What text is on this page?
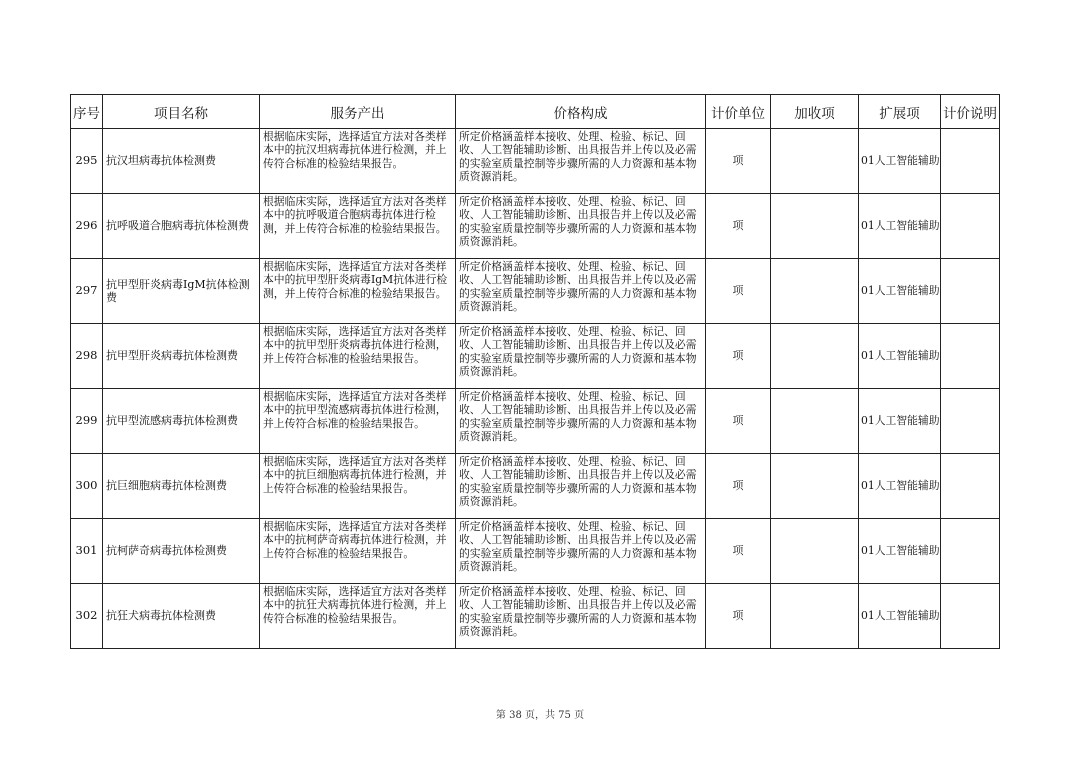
序号	项目名称	服务产出	价格构成	计价单位	加收项	扩展项	计价说明

295	抗汉坦病毒抗体检测费	根据临床实际，选择适宜方法对各类样本中的抗汉坦病毒抗体进行检测，并上传符合标准的检验结果报告。	所定价格涵盖样本接收、处理、检验、标记、回收、人工智能辅助诊断、出具报告并上传以及必需的实验室质量控制等步骤所需的人力资源和基本物质资源消耗。	项		01人工智能辅助	

296	抗呼吸道合胞病毒抗体检测费	根据临床实际，选择适宜方法对各类样本中的抗呼吸道合胞病毒抗体进行检测，并上传符合标准的检验结果报告。	所定价格涵盖样本接收、处理、检验、标记、回收、人工智能辅助诊断、出具报告并上传以及必需的实验室质量控制等步骤所需的人力资源和基本物质资源消耗。	项		01人工智能辅助	

297	抗甲型肝炎病毒IgM抗体检测费	根据临床实际，选择适宜方法对各类样本中的抗甲型肝炎病毒IgM抗体进行检测，并上传符合标准的检验结果报告。	所定价格涵盖样本接收、处理、检验、标记、回收、人工智能辅助诊断、出具报告并上传以及必需的实验室质量控制等步骤所需的人力资源和基本物质资源消耗。	项		01人工智能辅助	

298	抗甲型肝炎病毒抗体检测费	根据临床实际，选择适宜方法对各类样本中的抗甲型肝炎病毒抗体进行检测，并上传符合标准的检验结果报告。	所定价格涵盖样本接收、处理、检验、标记、回收、人工智能辅助诊断、出具报告并上传以及必需的实验室质量控制等步骤所需的人力资源和基本物质资源消耗。	项		01人工智能辅助	

299	抗甲型流感病毒抗体检测费	根据临床实际，选择适宜方法对各类样本中的抗甲型流感病毒抗体进行检测，并上传符合标准的检验结果报告。	所定价格涵盖样本接收、处理、检验、标记、回收、人工智能辅助诊断、出具报告并上传以及必需的实验室质量控制等步骤所需的人力资源和基本物质资源消耗。	项		01人工智能辅助	

300	抗巨细胞病毒抗体检测费	根据临床实际，选择适宜方法对各类样本中的抗巨细胞病毒抗体进行检测，并上传符合标准的检验结果报告。	所定价格涵盖样本接收、处理、检验、标记、回收、人工智能辅助诊断、出具报告并上传以及必需的实验室质量控制等步骤所需的人力资源和基本物质资源消耗。	项		01人工智能辅助	

301	抗柯萨奇病毒抗体检测费	根据临床实际，选择适宜方法对各类样本中的抗柯萨奇病毒抗体进行检测，并上传符合标准的检验结果报告。	所定价格涵盖样本接收、处理、检验、标记、回收、人工智能辅助诊断、出具报告并上传以及必需的实验室质量控制等步骤所需的人力资源和基本物质资源消耗。	项		01人工智能辅助	

302	抗狂犬病毒抗体检测费	根据临床实际，选择适宜方法对各类样本中的抗狂犬病毒抗体进行检测，并上传符合标准的检验结果报告。	所定价格涵盖样本接收、处理、检验、标记、回收、人工智能辅助诊断、出具报告并上传以及必需的实验室质量控制等步骤所需的人力资源和基本物质资源消耗。	项		01人工智能辅助	

第 38 页，共 75 页
